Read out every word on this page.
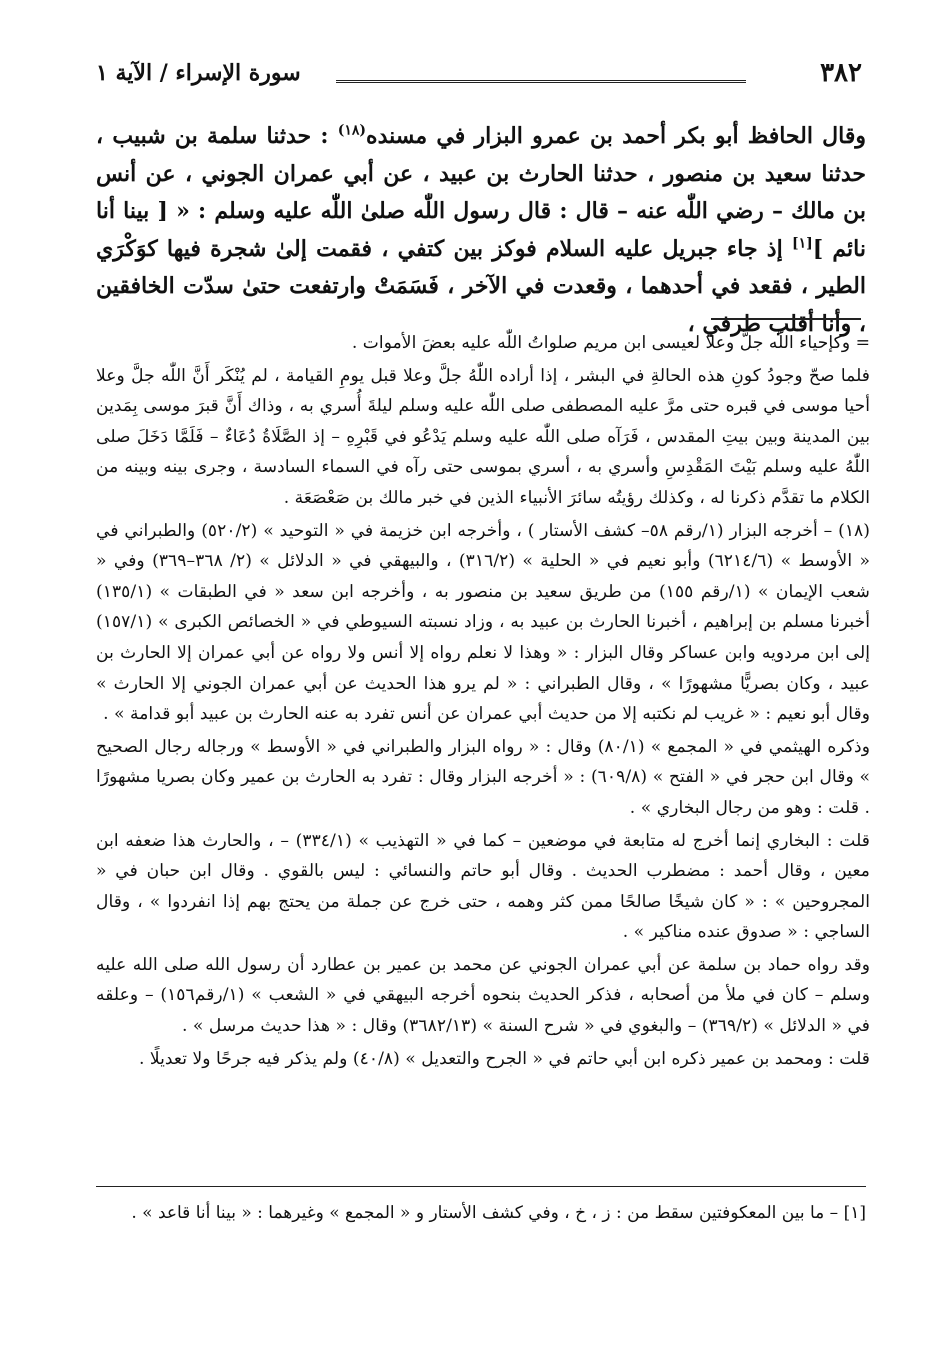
٣٨٢
سورة الإسراء / الآية ١

وقال الحافظ أبو بكر أحمد بن عمرو البزار في مسنده$^{(١٨)}$ : حدثنا سلمة بن شبيب ، حدثنا سعيد بن منصور ، حدثنا الحارث بن عبيد ، عن أبي عمران الجوني ، عن أنس بن مالك – رضي اللّٰه عنه – قال : قال رسول اللّٰه صلىٰ اللّٰه عليه وسلم : « [ بينا أنا نائم ][١] إذ جاء جبريل عليه السلام فوكز بين كتفي ، فقمت إلىٰ شجرة فيها كوَكْرَي الطير ، فقعد في أحدهما ، وقعدت في الآخر ، فَسَمَتْ وارتفعت حتىٰ سدّت الخافقين ، وأنا أقلب طرفي ،

= وكإحياء اللّٰه جلَّ وعلا لعيسى ابن مريم صلواتُ اللّٰه عليه بعضَ الأموات .

فلما صحّ وجودُ كونِ هذه الحالةِ في البشر ، إذا أراده اللّٰهُ جلَّ وعلا قبل يومِ القيامة ، لم يُنْكَر أَنَّ اللّٰه جلَّ وعلا أحيا موسى في قبره حتى مرَّ عليه المصطفى صلى اللّٰه عليه وسلم ليلةَ أُسري به ، وذاك أَنَّ قبرَ موسى بِمَدين بين المدينة وبين بيتِ المقدس ، فَرَآه صلى اللّٰه عليه وسلم يَدْعُو في قَبْرِهِ – إذ الصَّلَاةُ دُعَاءٌ – فَلَمَّا دَخَلَ صلى اللّٰهُ عليه وسلم بَيْتَ المَقْدِسِ وأسري به ، أسري بموسى حتى رآه في السماء السادسة ، وجرى بينه وبينه من الكلام ما تقدَّم ذكرنا له ، وكذلك رؤيتُه سائرَ الأنبياء الذين في خبر مالك بن صَعْصَعَة .

(١٨) – أخرجه البزار (١/رقم ٥٨– كشف الأستار ) ، وأخرجه ابن خزيمة في « التوحيد » (٥٢٠/٢) والطبراني في « الأوسط » (٦٢١٤/٦) وأبو نعيم في « الحلية » (٣١٦/٢) ، والبيهقي في « الدلائل » (٢/ ٣٦٨–٣٦٩) وفي « شعب الإيمان » (١/رقم ١٥٥) من طريق سعيد بن منصور به ، وأخرجه ابن سعد « في الطبقات » (١٣٥/١) أخبرنا مسلم بن إبراهيم ، أخبرنا الحارث بن عبيد به ، وزاد نسبته السيوطي في « الخصائص الكبرى » (١٥٧/١) إلى ابن مردويه وابن عساكر وقال البزار : « وهذا لا نعلم رواه إلا أنس ولا رواه عن أبي عمران إلا الحارث بن عبيد ، وكان بصريًّا مشهورًا » ، وقال الطبراني : « لم يرو هذا الحديث عن أبي عمران الجوني إلا الحارث » وقال أبو نعيم : « غريب لم نكتبه إلا من حديث أبي عمران عن أنس تفرد به عنه الحارث بن عبيد أبو قدامة » .

وذكره الهيثمي في « المجمع » (٨٠/١) وقال : « رواه البزار والطبراني في « الأوسط » ورجاله رجال الصحيح » وقال ابن حجر في « الفتح » (٦٠٩/٨) : « أخرجه البزار وقال : تفرد به الحارث بن عمير وكان بصريا مشهورًا . قلت : وهو من رجال البخاري » .

قلت : البخاري إنما أخرج له متابعة في موضعين – كما في « التهذيب » (٣٣٤/١) – ، والحارث هذا ضعفه ابن معين ، وقال أحمد : مضطرب الحديث . وقال أبو حاتم والنسائي : ليس بالقوي . وقال ابن حبان في « المجروحين » : « كان شيخًا صالحًا ممن كثر وهمه ، حتى خرج عن جملة من يحتج بهم إذا انفردوا » ، وقال الساجي : « صدوق عنده مناكير » .

وقد رواه حماد بن سلمة عن أبي عمران الجوني عن محمد بن عمير بن عطارد أن رسول الله صلى الله عليه وسلم – كان في ملأ من أصحابه ، فذكر الحديث بنحوه أخرجه البيهقي في « الشعب » (١/رقم١٥٦) – وعلقه في « الدلائل » (٣٦٩/٢) – والبغوي في « شرح السنة » (٣٦٨٢/١٣) وقال : « هذا حديث مرسل » .

قلت : ومحمد بن عمير ذكره ابن أبي حاتم في « الجرح والتعديل » (٤٠/٨) ولم يذكر فيه جرحًا ولا تعديلًا .

[١] – ما بين المعكوفتين سقط من : ز ، خ ، وفي كشف الأستار و « المجمع » وغيرهما : « بينا أنا قاعد » .
